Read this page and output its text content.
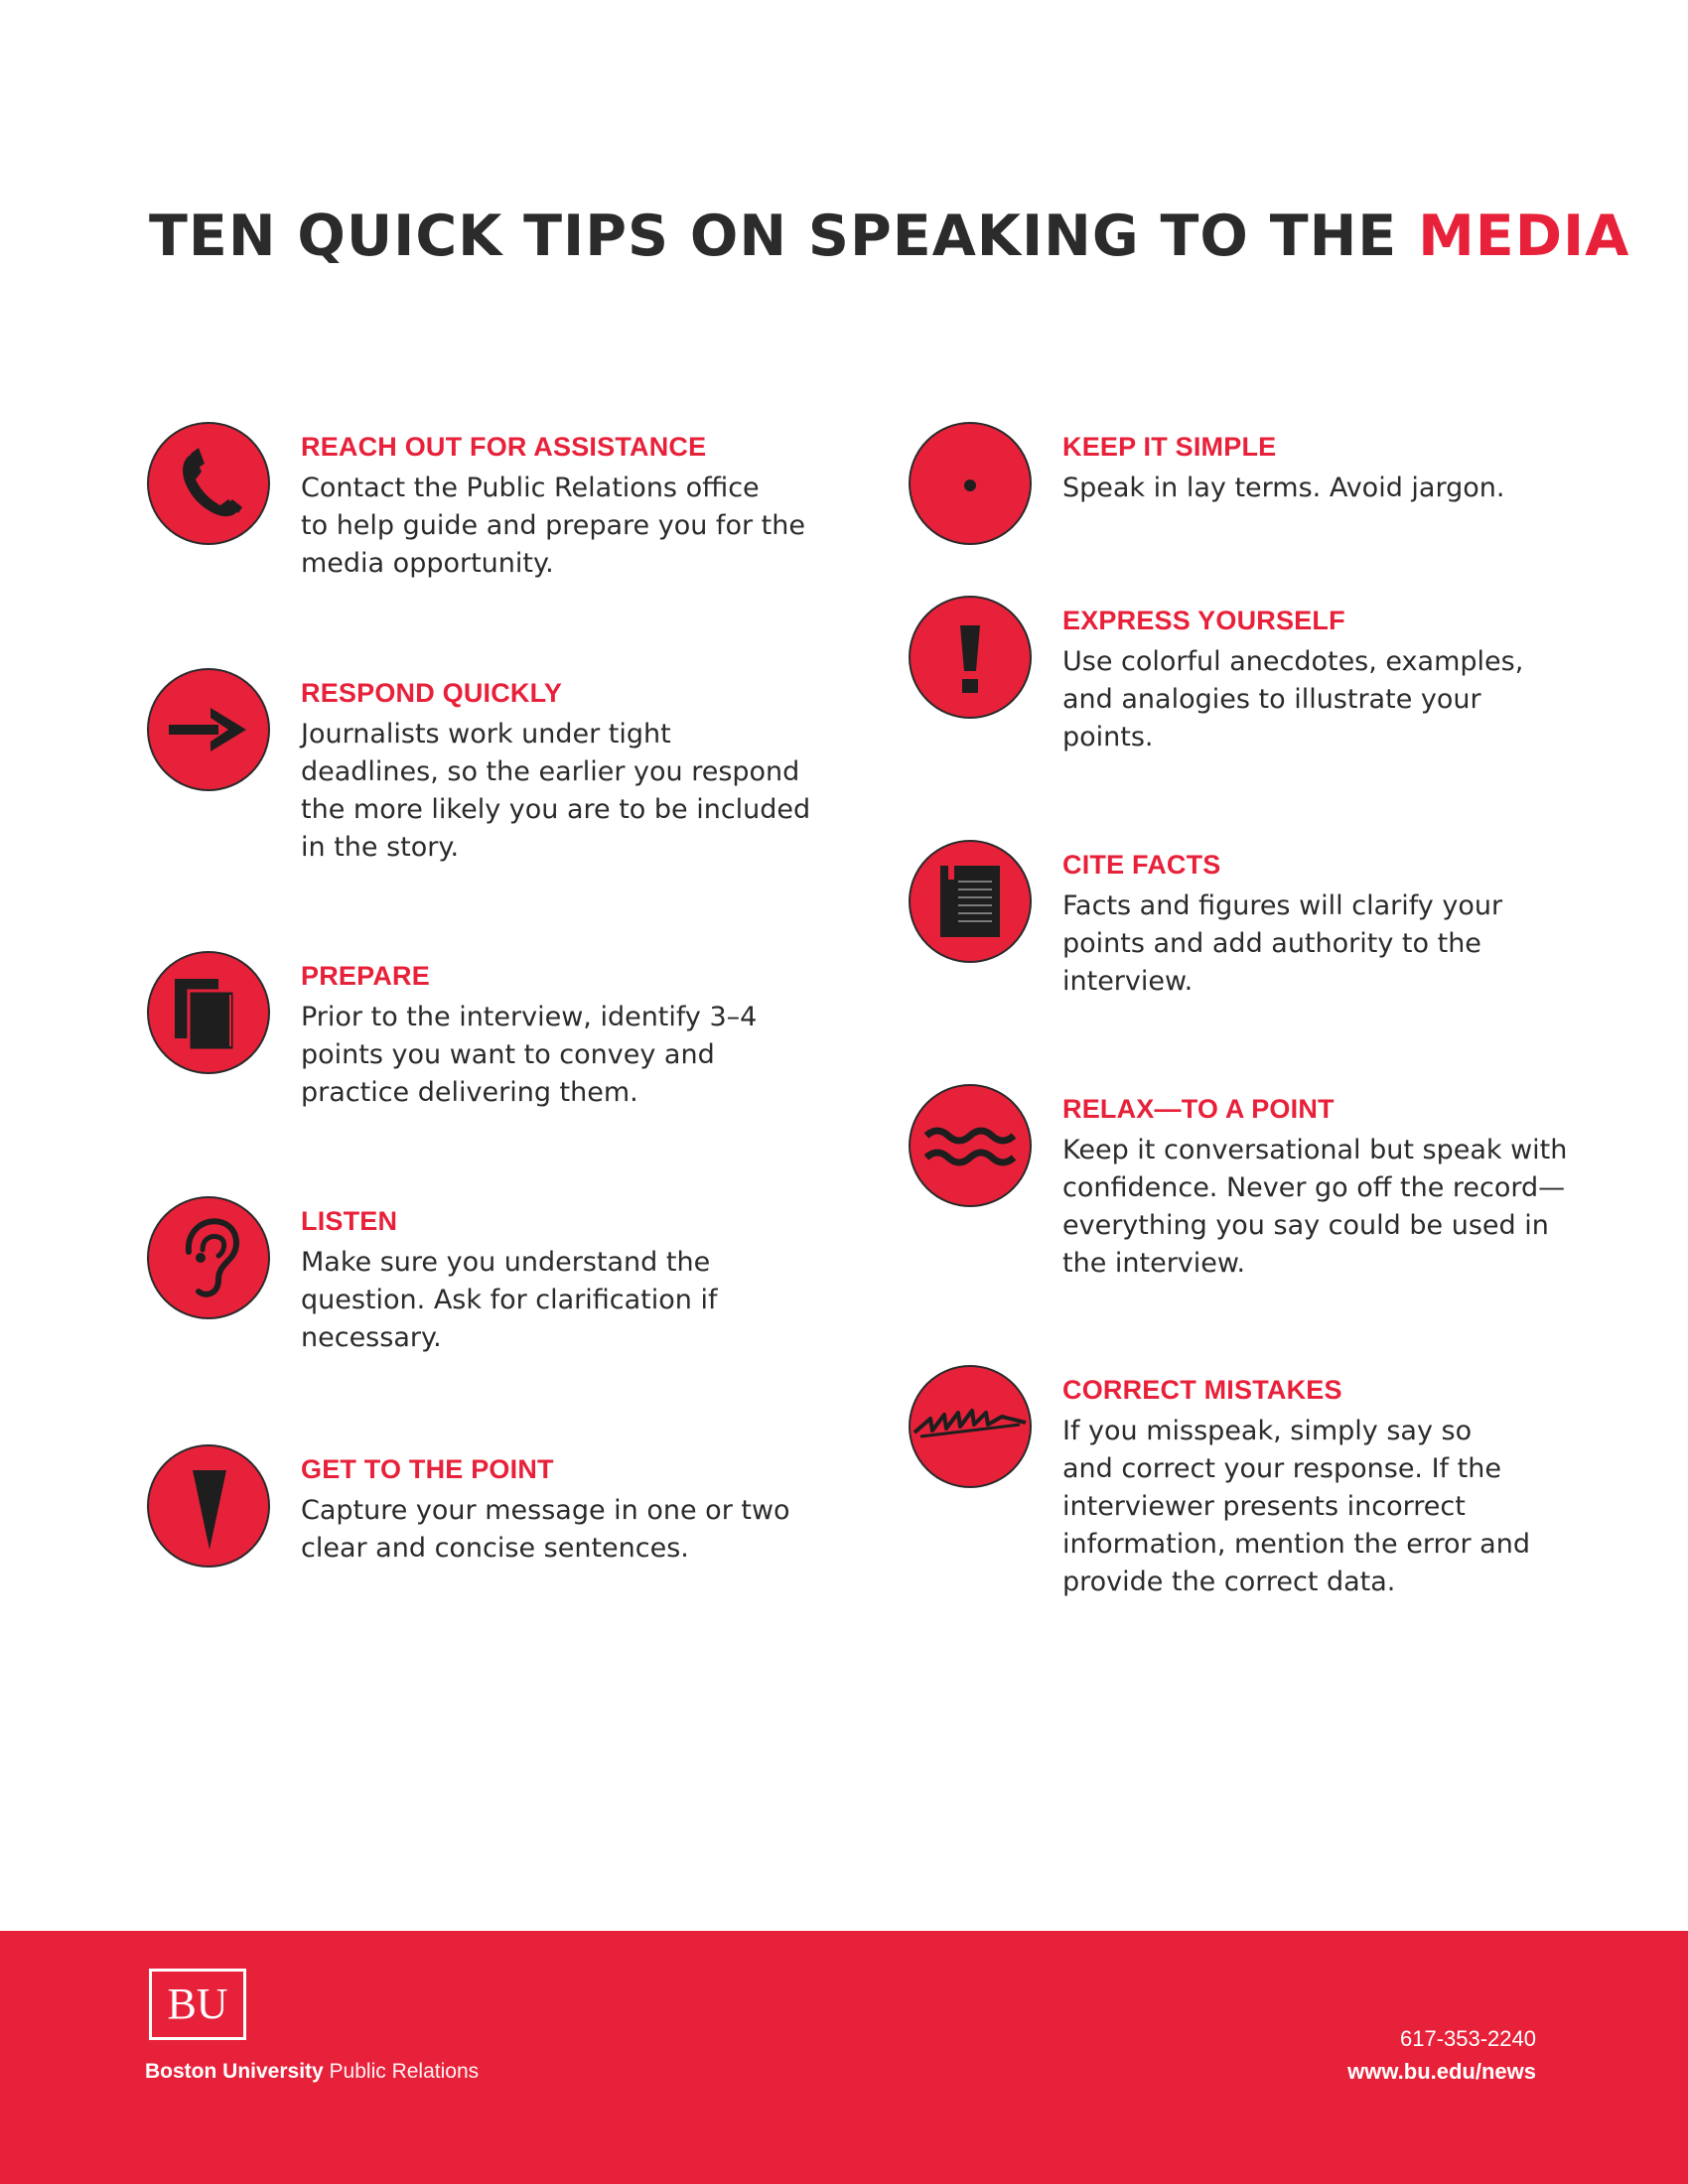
TEN QUICK TIPS ON SPEAKING TO THE MEDIA
REACH OUT FOR ASSISTANCE
Contact the Public Relations office
to help guide and prepare you for the
media opportunity.
RESPOND QUICKLY
Journalists work under tight
deadlines, so the earlier you respond
the more likely you are to be included
in the story.
PREPARE
Prior to the interview, identify 3–4
points you want to convey and
practice delivering them.
LISTEN
Make sure you understand the
question. Ask for clarification if
necessary.
GET TO THE POINT
Capture your message in one or two
clear and concise sentences.
KEEP IT SIMPLE
Speak in lay terms. Avoid jargon.
EXPRESS YOURSELF
Use colorful anecdotes, examples,
and analogies to illustrate your
points.
CITE FACTS
Facts and figures will clarify your
points and add authority to the
interview.
RELAX—TO A POINT
Keep it conversational but speak with
confidence. Never go off the record—
everything you say could be used in
the interview.
CORRECT MISTAKES
If you misspeak, simply say so
and correct your response. If the
interviewer presents incorrect
information, mention the error and
provide the correct data.
BU
Boston University Public Relations
617-353-2240
www.bu.edu/news
